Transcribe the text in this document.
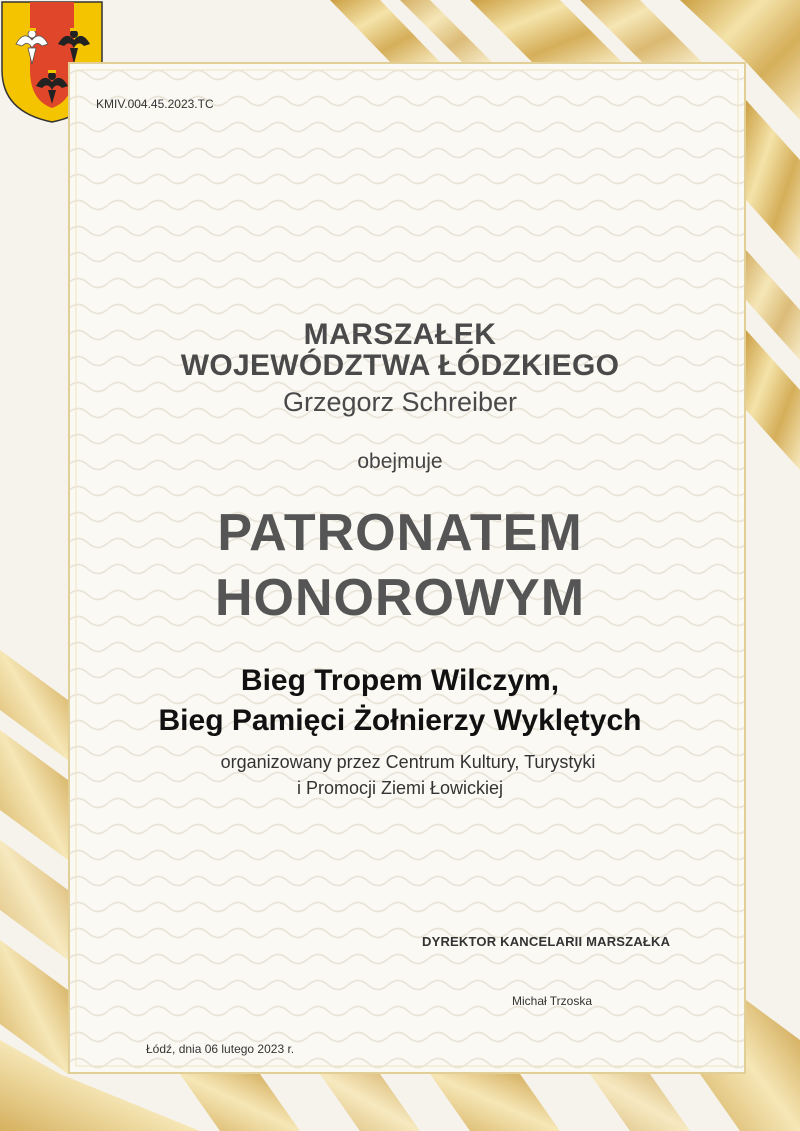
KMIV.004.45.2023.TC

MARSZAŁEK
WOJEWÓDZTWA ŁÓDZKIEGO
Grzegorz Schreiber
obejmuje
PATRONATEM
HONOROWYM
Bieg Tropem Wilczym,
Bieg Pamięci Żołnierzy Wyklętych
organizowany przez Centrum Kultury, Turystyki
i Promocji Ziemi Łowickiej
DYREKTOR KANCELARII MARSZAŁKA
Michał Trzoska
Łódź, dnia 06 lutego 2023 r.
